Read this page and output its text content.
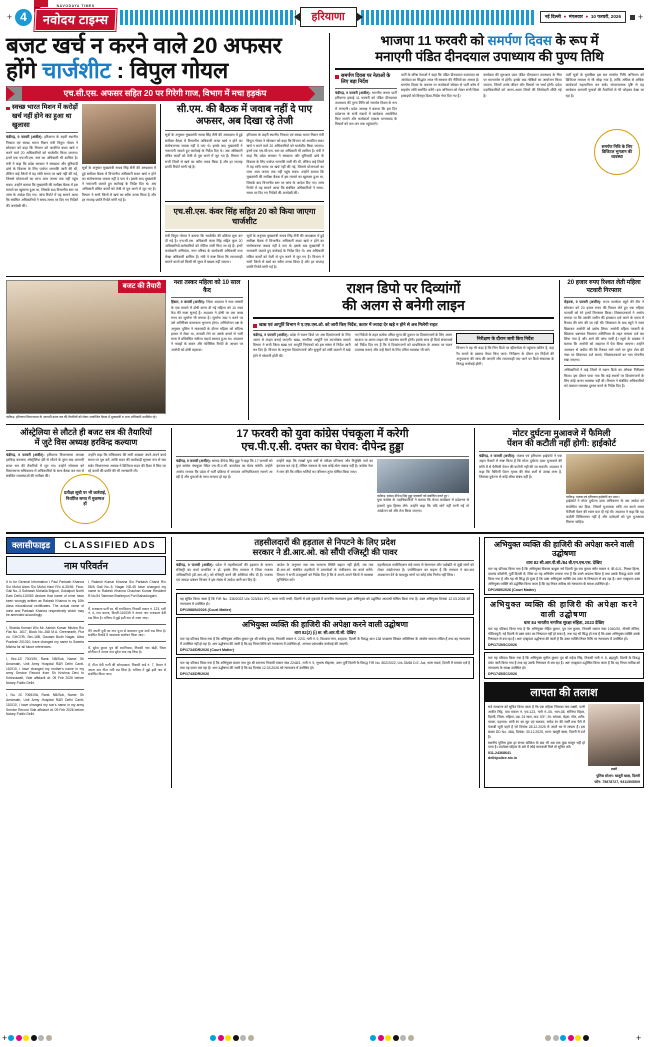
+ 4
NAVODAYA TIMES
नवोदय टाइम्स	हरियाणा	नई दिल्ली  ●  मंगलवार  ●  10 फरवरी, 2026	+
बजट खर्च न करने वाले 20 अफसर
होंगे चार्जशीट : विपुल गोयल
एच.सी.एस. अफसर सहित 20 पर गिरेगी गाज, विभाग में मचा हड़कंप
स्वच्छ भारत मिशन में करोड़ों खर्च नहीं होने का हुआ था खुलासा

चंडीगढ़, 9 फरवरी (अजीत): हरियाणा के शहरी स्थानीय निकाय एवं स्वच्छ भारत मिशन मंत्री विपुल गोयल ने सोमवार को कहा कि विभाग को आवंटित बजट खर्च न करने वाले 20 अधिकारियों को चार्जशीट किया जाएगा। इनमें एक एच.सी.एस. स्तर का अधिकारी भी शामिल है। मंत्री ने कहा कि प्रदेश सरकार ने स्वच्छता और बुनियादी ढांचे के विकास के लिए पर्याप्त धनराशि जारी की थी, लेकिन कई जिलों में यह राशि समय पर खर्च नहीं की गई, जिससे योजनाओं का लाभ आम जनता तक नहीं पहुंच सका। उन्होंने बताया कि मुख्यमंत्री की समीक्षा बैठक में इस मामले का खुलासा हुआ था, जिसके बाद विभागीय स्तर पर जांच के आदेश दिए गए। जांच रिपोर्ट में यह सामने आया कि संबंधित अधिकारियों ने समय-समय पर दिए गए निर्देशों की अनदेखी की।

सूत्रों के अनुसार मुख्यमंत्री नायब सिंह सैनी की अध्यक्षता में हुई समीक्षा बैठक में विभागीय अधिकारी बजट खर्च न होने का संतोषजनक जवाब नहीं दे पाए थे। इसके बाद मुख्यमंत्री ने नाराजगी जताते हुए कार्रवाई के निर्देश दिए थे। अब अधिकारी लंबित कार्यों को तेजी से पूरा करने में जुट गए हैं। विभाग ने सभी जिलों से खर्च का ब्यौरा तलब किया है और हर सप्ताह प्रगति रिपोर्ट मांगी गई है।

सी.एम. की बैठक में जवाब नहीं दे पाए अफसर, अब दिखा रहे तेजी

सूत्रों के अनुसार मुख्यमंत्री नायब सिंह सैनी की अध्यक्षता में हुई समीक्षा बैठक में विभागीय अधिकारी बजट खर्च न होने का संतोषजनक जवाब नहीं दे पाए थे। इसके बाद मुख्यमंत्री ने नाराजगी जताते हुए कार्रवाई के निर्देश दिए थे। अब अधिकारी लंबित कार्यों को तेजी से पूरा करने में जुट गए हैं। विभाग ने सभी जिलों से खर्च का ब्यौरा तलब किया है और हर सप्ताह प्रगति रिपोर्ट मांगी गई है।

हरियाणा के शहरी स्थानीय निकाय एवं स्वच्छ भारत मिशन मंत्री विपुल गोयल ने सोमवार को कहा कि विभाग को आवंटित बजट खर्च न करने वाले 20 अधिकारियों को चार्जशीट किया जाएगा। इनमें एक एच.सी.एस. स्तर का अधिकारी भी शामिल है। मंत्री ने कहा कि प्रदेश सरकार ने स्वच्छता और बुनियादी ढांचे के विकास के लिए पर्याप्त धनराशि जारी की थी, लेकिन कई जिलों में यह राशि समय पर खर्च नहीं की गई, जिससे योजनाओं का लाभ आम जनता तक नहीं पहुंच सका। उन्होंने बताया कि मुख्यमंत्री की समीक्षा बैठक में इस मामले का खुलासा हुआ था, जिसके बाद विभागीय स्तर पर जांच के आदेश दिए गए। जांच रिपोर्ट में यह सामने आया कि संबंधित अधिकारियों ने समय-समय पर दिए गए निर्देशों की अनदेखी की।

एच.सी.एस. कंवर सिंह सहित 20 को किया जाएगा चार्जशीट

मंत्री विपुल गोयल ने बताया कि चार्जशीट की प्रक्रिया शुरू कर दी गई है। एच.सी.एस. अधिकारी कंवर सिंह सहित कुल 20 अधिकारियों-कर्मचारियों को नोटिस जारी किए जा रहे हैं। इनमें कार्यकारी अभियंता, नगर परिषद के कार्यकारी अधिकारी तथा लेखा अधिकारी शामिल हैं। मंत्री ने स्पष्ट किया कि लापरवाही बरतने वालों को किसी भी सूरत में बख्शा नहीं जाएगा।

सूत्रों के अनुसार मुख्यमंत्री नायब सिंह सैनी की अध्यक्षता में हुई समीक्षा बैठक में विभागीय अधिकारी बजट खर्च न होने का संतोषजनक जवाब नहीं दे पाए थे। इसके बाद मुख्यमंत्री ने नाराजगी जताते हुए कार्रवाई के निर्देश दिए थे। अब अधिकारी लंबित कार्यों को तेजी से पूरा करने में जुट गए हैं। विभाग ने सभी जिलों से खर्च का ब्यौरा तलब किया है और हर सप्ताह प्रगति रिपोर्ट मांगी गई है।

भाजपा 11 फरवरी को समर्पण दिवस के रूप में
मनाएगी पंडित दीनदयाल उपाध्याय की पुण्य तिथि
समर्पण दिवस पर नेताओं के लिए बड़ा निर्देश

चंडीगढ़, 9 फरवरी (अजीत): भारतीय जनता पार्टी हरियाणा इकाई 11 फरवरी को पंडित दीनदयाल उपाध्याय की पुण्य तिथि को समर्पण दिवस के रूप में मनाएगी। प्रदेश अध्यक्ष ने बताया कि इस दिन प्रदेशभर के सभी मंडलों में कार्यक्रम आयोजित किए जाएंगे और कार्यकर्ता एकात्म मानववाद के विचारों को जन-जन तक पहुंचाएंगे।

पार्टी के वरिष्ठ नेताओं ने कहा कि पंडित दीनदयाल उपाध्याय का अंत्योदय का सिद्धांत आज भी सरकार की नीतियों का आधार है। समर्पण दिवस के अवसर पर कार्यकर्ता स्वेच्छा से पार्टी कोष में सहयोग राशि समर्पित करेंगे। इस अभियान को लेकर सभी जिला इकाइयों को विस्तृत दिशा-निर्देश भेज दिए गए हैं।

कार्यक्रम की शुरुआत प्रातः पंडित दीनदयाल उपाध्याय के चित्र पर माल्यार्पण से होगी। इसके बाद गोष्ठियों का आयोजन किया जाएगा, जिनमें उनके जीवन और विचारों पर चर्चा होगी। प्रदेश पदाधिकारियों को अलग-अलग जिलों की जिम्मेदारी सौंपी गई है।

पार्टी सूत्रों के मुताबिक इस बार समर्पण निधि अभियान को डिजिटल माध्यम से भी जोड़ा गया है, ताकि अधिक से अधिक कार्यकर्ता सहभागिता कर सकें। संगठनात्मक दृष्टि से यह कार्यक्रम आगामी चुनावों की तैयारियों से भी जोड़कर देखा जा रहा है।

समर्पण निधि के लिए डिजिटल भुगतान की व्यवस्था
बजट की तैयारी
चंडीगढ़: हरियाणा विधानसभा के आगामी बजट सत्र की तैयारियों को लेकर आयोजित बैठक में मुख्यमंत्री व अन्य अधिकारी उपस्थित रहे।
नशा तस्कर महिला को 10 साल कैद

हिसार, 9 फरवरी (अजीत): जिला अदालत ने नशा तस्करी के एक मामले में दोषी करार दी गई महिला को 10 साल कैद की सजा सुनाई है। अदालत ने दोषी पर एक लाख रुपए का जुर्माना भी लगाया है। जुर्माना अदा न करने पर उसे अतिरिक्त कारावास भुगतना होगा। अभियोजन पक्ष के अनुसार पुलिस ने नाकाबंदी के दौरान महिला को संदिग्ध हालत में रोका था, तलाशी लेने पर उसके कब्जे से भारी मात्रा में प्रतिबंधित नशीला पदार्थ बरामद हुआ था। अदालत ने गवाहों के बयान और फोरेंसिक रिपोर्ट के आधार पर आरोपी को दोषी ठहराया।

राशन डिपो पर दिव्यांगों
की अलग से बनेगी लाइन
खाद्य एवं आपूर्ति विभाग ने ए.एफ.एस.ओ. को जारी किए निर्देश, कतार में ज्यादा देर खड़े न होने से अब मिलेगी राहत

चंडीगढ़, 9 फरवरी (अजीत): प्रदेश में राशन डिपो पर अब दिव्यांगजनों के लिए अलग से लाइन बनाई जाएगी। खाद्य, नागरिक आपूर्ति एवं उपभोक्ता मामले विभाग ने सभी जिला खाद्य एवं आपूर्ति नियंत्रकों को इस संबंध में निर्देश जारी कर दिए हैं। विभाग के अनुसार दिव्यांगजनों और बुजुर्गों को लंबी कतारों में खड़े होने में परेशानी होती थी।

नए निर्देशों के तहत प्रत्येक उचित मूल्य की दुकान पर दिव्यांगजनों के लिए अलग काउंटर या अलग लाइन की व्यवस्था करनी होगी। इसके साथ ही डिपो संचालकों को निर्देश दिए गए हैं कि वे दिव्यांगजनों को प्राथमिकता के आधार पर राशन उपलब्ध कराएं और उन्हें बैठने के लिए उचित व्यवस्था भी करें।

निरीक्षण के दौरान जारी किए निर्देश

विभाग ने यह भी कहा है कि जिन डिपो पर व्हीलचेयर से पहुंचना कठिन है, वहां रैंप बनाने के प्रस्ताव तैयार किए जाएं। निरीक्षण के दौरान इन निर्देशों की अनुपालना की जांच की जाएगी और लापरवाही पाए जाने पर डिपो संचालक के विरुद्ध कार्रवाई होगी।

20 हजार रुपए रिश्वत लेती महिला पटवारी गिरफ्तार

रोहतक, 9 फरवरी (अजीत): राज्य सतर्कता ब्यूरो की टीम ने सोमवार को 20 हजार रुपए की रिश्वत लेते हुए एक महिला पटवारी को रंगे हाथों गिरफ्तार किया। शिकायतकर्ता ने आरोप लगाया था कि उसकी जमीन की इंतकाल दर्ज करने के एवज में रिश्वत की मांग की जा रही थी। शिकायत के बाद ब्यूरो ने जाल बिछाकर आरोपी को दबोच लिया। आरोपी महिला पटवारी के खिलाफ भ्रष्टाचार निवारण अधिनियम के तहत मामला दर्ज कर लिया गया है और आगे की जांच जारी है। ब्यूरो के प्रवक्ता ने बताया कि आरोपी को अदालत में पेश किया जाएगा। उन्होंने आमजन से अपील की कि रिश्वत मांगे जाने पर तुरंत टोल फ्री नंबर पर शिकायत दर्ज कराएं, शिकायतकर्ता का नाम गोपनीय रखा जाएगा।

अधिकारियों ने कई जिलों में राशन डिपो का औचक निरीक्षण किया। इस दौरान पाया गया कि कई स्थानों पर दिव्यांगजनों के लिए कोई अलग व्यवस्था नहीं थी। विभाग ने संबंधित अधिकारियों को तत्काल व्यवस्था दुरुस्त करने के निर्देश दिए हैं।

ऑस्ट्रेलिया से लौटते ही बजट सत्र की तैयारियों
में जुटे विस अध्यक्ष हरविन्द्र कल्याण

चंडीगढ़, 9 फरवरी (अजीत): हरियाणा विधानसभा अध्यक्ष हरविन्द्र कल्याण ऑस्ट्रेलिया दौरे से लौटने के तुरंत बाद आगामी बजट सत्र की तैयारियों में जुट गए। उन्होंने सोमवार को विधानसभा सचिवालय में अधिकारियों के साथ बैठक कर सत्र से संबंधित व्यवस्थाओं की समीक्षा की।

उन्होंने कहा कि सचिवालय की सभी शाखाएं अपने-अपने कार्य समय पर पूरा करें, ताकि सदन की कार्यवाही सुचारू रूप से चल सके। विधानसभा अध्यक्ष ने डिजिटल सदन की दिशा में किए जा रहे कार्यों की प्रगति की भी जानकारी ली।

प्रतीक्षा सूची पर भी कार्रवाई, निर्धारित समय में मुकम्मल हों
17 फरवरी को युवा कांग्रेस पंचकूला में करेगी
एच.पी.ए.सी. दफ्तर का घेराव: दीपेन्द्र हुड्डा

चंडीगढ़, 9 फरवरी (अजीत): सांसद दीपेन्द्र सिंह हुड्डा ने कहा कि 17 फरवरी को युवा कांग्रेस पंचकूला स्थित एच.पी.ए.सी. कार्यालय का घेराव करेगी। उन्होंने आरोप लगाया कि प्रदेश में भर्ती प्रक्रिया में लगातार अनियमितताएं सामने आ रही हैं और युवाओं के साथ अन्याय हो रहा है।

उन्होंने कहा कि लाखों युवा वर्षों से परीक्षा परिणाम और नियुक्ति पत्रों का इंतजार कर रहे हैं, लेकिन सरकार के पास कोई ठोस जवाब नहीं है। कांग्रेस नेता ने मांग की कि लंबित भर्तियों का परिणाम तुरंत घोषित किया जाए।

चंडीगढ़: सांसद दीपेन्द्र सिंह हुड्डा पत्रकारों को संबोधित करते हुए।

युवा कांग्रेस के पदाधिकारियों ने बताया कि घेराव कार्यक्रम में प्रदेशभर से हजारों युवा हिस्सा लेंगे। उन्होंने कहा कि यदि मांगें नहीं मानी गईं तो आंदोलन को और तेज किया जाएगा।

मोटर दुर्घटना मुआवजे में फैमिली
पेंशन की कटौती नहीं होगी: हाईकोर्ट

चंडीगढ़, 9 फरवरी (अजीत): पंजाब एवं हरियाणा हाईकोर्ट ने एक अहम फैसले में स्पष्ट किया है कि मोटर दुर्घटना दावा मुआवजे की राशि में से फैमिली पेंशन की कटौती नहीं की जा सकती। अदालत ने कहा कि फैमिली पेंशन मृतक की सेवा शर्तों से उत्पन्न लाभ है, जिसका दुर्घटना से कोई सीधा संबंध नहीं है।

चंडीगढ़: पंजाब एवं हरियाणा हाईकोर्ट का भवन।

हाईकोर्ट ने मोटर दुर्घटना दावा अधिकरण के उस आदेश को संशोधित कर दिया, जिसमें मुआवजा राशि तय करते समय फैमिली पेंशन की रकम घटा दी गई थी। अदालत ने कहा कि यह कटौती विधिसम्मत नहीं है और दावेदारों को पूरा मुआवजा मिलना चाहिए।

क्लासीफाइड	CLASSIFIED ADS
नाम परिवर्तन

It Is for General Information I Paul Parkash Khanna S/o Mohd Alam S/o Mohd Ham R/o A-30/49, Floor, Gali No.-3 Subhash Mohalla Brijpuri, Gokalpuri North East Delhi-110053 declare that name of mine have been wrongly written as Rakesh Khanna in my 10th class educational certificates. The actual name of mine and Parkash Khanna respectively which may be amended accordingly.

I, Sharda Kumari W/o Mr. Ashish Kumar Mishra R/o Flat No. 1617, Block No.-268 M.A. Greenearth, Plot no. GHO7/B, Sec-16B, Gautam Budh Nagar, Uttar Pradesh 201310, have changed my name to Sweeta Mishra for all future references.

I, Sec-12/ 700/190, Rank: NB/Sub, Name: Sh Amarnath, Unit Army Hospital R&R Delhi Cantt-110010, I have changed my mother's name in my army Service Record from Sh Krishna Devi to Krishnawati, Vide affidavit dt. 09 Feb 2026 before Notary Public Delhi.

I, No. JC 706519A, Rank: NB/Sub, Name: Sh Amarnath, Unit Army Hospital R&R Delhi Cantt-110010, I have changed my son's name in my army Service Record Vide affidavit dt. 09 Feb 2026 before Notary Public Delhi.

I, Rakesh Kumar Khanna S/o Parkash Chand R/o 55/A Gali No.-5, Nagar ND-49 have changed my name to Rakesh Khanna Chauhan Kumar Resident R.No.54 Tarkman Brahmpuri Puri Bahadurgarh.

मैं, राजबाला पत्नी स्व. श्री रामकिशन, निवासी मकान नं. 123, गली नं. 4, गांव बवाना, दिल्ली-110039 ने अपना नाम राजबाला देवी रख लिया है। भविष्य में मुझे इसी नाम से जाना जाए।

मैंने अपनी पुत्री का नाम पूजा से बदलकर पूजा शर्मा रख लिया है। संबंधित रिकॉर्ड में आवश्यक संशोधन किया जाए।

मैं, सुरेश कुमार पुत्र श्री रामनिवास, निवासी गांव खेड़ी, जिला सोनीपत ने अपना नाम सुरेश चन्द रख लिया है।

मैं, गीता देवी पत्नी श्री ओमप्रकाश, निवासी वार्ड नं. 7, कैथल ने अपना नाम गीता रानी रख लिया है। भविष्य में मुझे इसी नाम से संबोधित किया जाए।

तहसीलदारों की हड़ताल से निपटने के लिए प्रदेश
सरकार ने डी.आर.ओ. को सौंपी रजिस्ट्री की पावर

चंडीगढ़, 9 फरवरी (अजीत): प्रदेश में तहसीलदारों की हड़ताल के कारण रजिस्ट्री का कार्य प्रभावित न हो, इसके लिए सरकार ने जिला राजस्व अधिकारियों (डी.आर.ओ.) को रजिस्ट्री करने की शक्तियां सौंप दी हैं। राजस्व एवं आपदा प्रबंधन विभाग ने इस संबंध में आदेश जारी कर दिए हैं।

आदेश के अनुसार जब तक सामान्य स्थिति बहाल नहीं होती, तब तक डी.आर.ओ. संबंधित तहसीलों में दस्तावेजों के पंजीकरण का कार्य करेंगे। विभाग ने सभी उपायुक्तों को निर्देश दिए हैं कि वे अपने-अपने जिलों में व्यवस्था सुनिश्चित करें।

तहसीलदार एसोसिएशन लंबे समय से वेतनमान और पदोन्नति से जुड़ी मांगों को लेकर आंदोलनरत है। एसोसिएशन का कहना है कि सरकार ने बार-बार आश्वासन देने के बावजूद मांगों पर कोई ठोस निर्णय नहीं लिया।

यह सूचित किया जाता है कि FIR No. 336/2022 U/s 323/341 IPC, थाना नन्दी नगरी, दिल्ली में दर्ज मुकदमे में माननीय न्यायालय द्वारा अभियुक्त को उद्घोषित अपराधी घोषित किया गया है। उक्त अभियुक्त दिनांक 12.03.2026 को न्यायालय में उपस्थित हो।
DP/1988/N/2026 (Court Matter)
अभियुक्त व्यक्ति की हाजिरी की अपेक्षा करने वाली उद्घोषणा
धारा 82(2) (i) छ: सी.आर.पी.सी. देखिए
यतः यह परिवाद किया गया है कि अभियुक्त अमित कुमार पुत्र श्री राजेन्द्र कुमार, निवासी मकान नं. 22/3, गली नं. 9, विश्वास नगर, शाहदरा, दिल्ली के विरुद्ध धारा 138 परक्राम्य लिखत अधिनियम के अंतर्गत मामला लंबित है तथा वह न्यायालय में उपस्थित नहीं हो रहा है। अतः उद्घोषणा की जाती है कि वह नियत तिथि को न्यायालय में उपस्थित हो, अन्यथा एकपक्षीय कार्रवाई की जाएगी।
DP/1734/DR/2026 (Court Matter)
यतः यह परिवाद किया गया है कि अभियुक्त कमल नाथ पुत्र श्री रामनाथ निवासी मकान नंबर 2248/1, गली नं. 9, सुभाष मोहल्ला, उत्तर पूर्वी दिल्ली के विरुद्ध FIR No. 802/2022, U/s 33/68 D.E. Act, थाना सदर्श, दिल्ली में मामला दर्ज है तथा वह फरार चल रहा है। अतः उद्घोषणा की जाती है कि वह दिनांक 12.03.2026 को न्यायालय में उपस्थित हो।
DP/1743/DR/2026
अभियुक्त व्यक्ति की हाजिरी की अपेक्षा करने वाली उद्घोषणा
धारा 82 सी.आर.पी.सी./84 बी.एन.एस.एस. देखिए
यतः यह परिवाद किया गया है कि अभियुक्त विकास बाबूला नर्म दिल्ली पुत्र राम कुमार फ्लैट मकान नं. बी-41/1, गिरधर हिल्स, दयानंद कॉलोनी, पूर्वी दिल्ली से, जिस पर यह अभियोग लगाया गया है कि उसने अपराध किया है तथा उसके विरुद्ध वारंट जारी किया गया है और यह भी सिद्ध हो चुका है कि उक्त अभियुक्त व्यक्ति उस वारंट के निष्पादन से बच रहा है। अतः एतद्द्वारा उक्त अभियुक्त व्यक्ति को उद्घोषित किया जाता है कि वह नियत तारीख को न्यायालय के समक्ष उपस्थित हो।
DP/1989/2026 (Court Matter)
अभियुक्त व्यक्ति की हाजिरी की अपेक्षा करने वाली उद्घोषणा
धारा 84 भारतीय नागरिक सुरक्षा संहिता, 2023 देखिए
यतः यह परिवाद किया गया है कि अभियुक्त रोहित कुमार, पुत्र राम कुमार, निवासी मकान नंबर 1040/20, तीसरी मंजिल, गोविन्दपुरी, नई दिल्ली से उक्त वारंट का निष्पादन नहीं हो सका है, तथा यह भी सिद्ध हो गया है कि उक्त अभियुक्त व्यक्ति उसके निष्पादन से बच रहा है। अतः एतद्द्वारा उद्घोषणा की जाती है कि उक्त व्यक्ति नियत तिथि पर न्यायालय में उपस्थित हो।
DP/1715/SC/2026
यतः यह परिवाद किया गया है कि अभियुक्त सुनील कुमार पुत्र श्री महेन्द्र सिंह, निवासी गली नं. 5, ब्रह्मपुरी, दिल्ली के विरुद्ध वारंट जारी किया गया है तथा वह उसके निष्पादन से बच रहा है। अतः एतद्द्वारा उद्घोषित किया जाता है कि वह नियत तारीख को न्यायालय के समक्ष उपस्थित हो।
DP/1745/SC/2026
लापता की तलाश
सर्व साधारण को सूचित किया जाता है कि एक महिला जिसका नाम लक्ष्मी, पत्नी अजीत सिंह, पता मकान नं. एच-123, गली नं.-05, भाग-08, सोनिया विहार, दिल्ली, जिला: महिला, उम्र: 24 साल, कद: 5'5", रंग: सांवला, चेहरा: गोल, शरीर: पतला, पहनावा: मांगी रंग का सूट एवं सलवार, सफेद रंग की जर्सी तथा पैरों में पंजाबी जूती पहने है जो दिनांक 28.12.2025 से अपने घर से लापता है। इस बाबत DD No. 48A, दिनांक: 30.12.2025, थाना: खजूरी खास, दिल्ली में दर्ज है।
स्थानीय पुलिस द्वारा हर संभव कोशिश के बाद भी अब तक कुछ मालूम नहीं हो पाया है। उपरोक्त महिला के बारे में कोई जानकारी मिले तो सूचित करें।
011-24368641
delhipolice.nic.in
लक्ष्मी
पुलिस स्टेशन: खजूरी खास, दिल्ली
फोन: 75878727, 9311505509
+
+
